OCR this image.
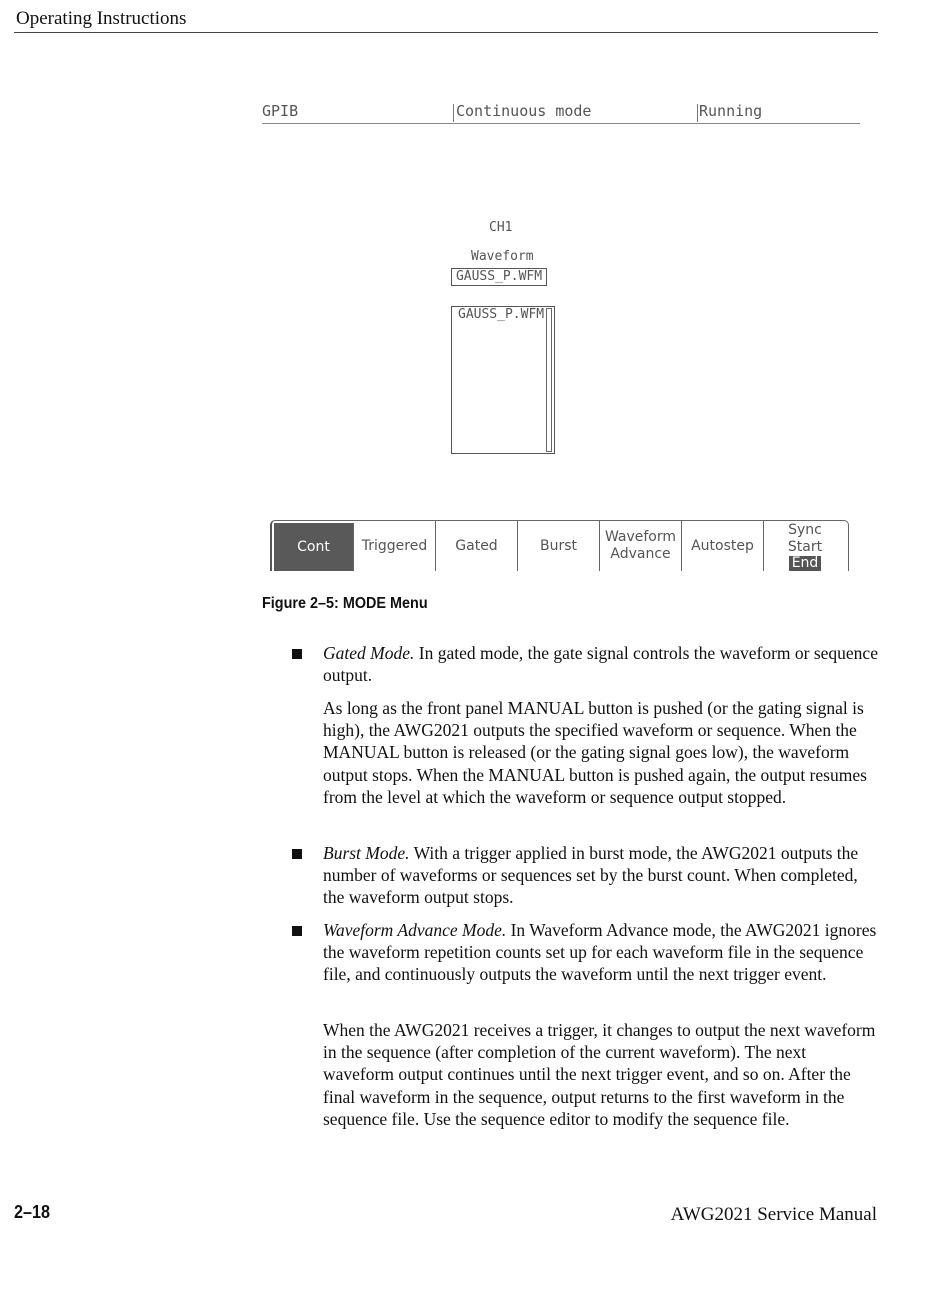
Operating Instructions
GPIB	Continuous mode	Running
CH1
Waveform
GAUSS_P.WFM
GAUSS_P.WFM
Cont Triggered Gated	Burst
Waveform
Advance
Autostep
Sync
Start
End
Figure 2–5: MODE Menu

Gated Mode. In gated mode, the gate signal controls the waveform or sequence output.

As long as the front panel MANUAL button is pushed (or the gating signal is high), the AWG2021 outputs the specified waveform or sequence. When the MANUAL button is released (or the gating signal goes low), the waveform output stops. When the MANUAL button is pushed again, the output resumes from the level at which the waveform or sequence output stopped.

Burst Mode. With a trigger applied in burst mode, the AWG2021 outputs the number of waveforms or sequences set by the burst count. When completed, the waveform output stops.

Waveform Advance Mode. In Waveform Advance mode, the AWG2021 ignores the waveform repetition counts set up for each waveform file in the sequence file, and continuously outputs the waveform until the next trigger event.

When the AWG2021 receives a trigger, it changes to output the next waveform in the sequence (after completion of the current waveform). The next waveform output continues until the next trigger event, and so on. After the final waveform in the sequence, output returns to the first waveform in the sequence file. Use the sequence editor to modify the sequence file.

2–18	AWG2021 Service Manual
